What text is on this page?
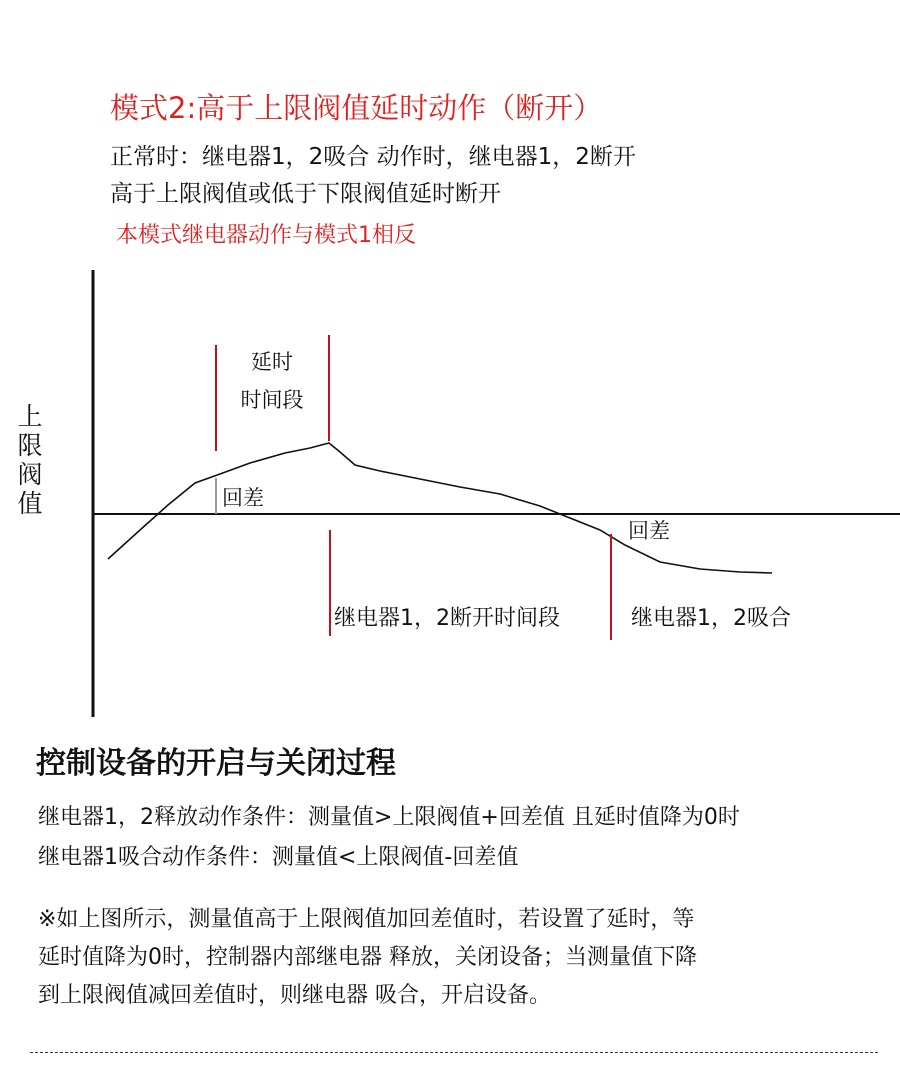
模式2:高于上限阀值延时动作（断开）
正常时：继电器1，2吸合 动作时，继电器1，2断开
高于上限阀值或低于下限阀值延时断开
本模式继电器动作与模式1相反
上限阀值
延时
时间段
回差
回差
继电器1，2断开时间段	继电器1，2吸合
控制设备的开启与关闭过程
继电器1，2释放动作条件：测量值>上限阀值+回差值 且延时值降为0时
继电器1吸合动作条件：测量值<上限阀值-回差值
※如上图所示，测量值高于上限阀值加回差值时，若设置了延时，等
延时值降为0时，控制器内部继电器 释放，关闭设备；当测量值下降
到上限阀值减回差值时，则继电器 吸合，开启设备。
